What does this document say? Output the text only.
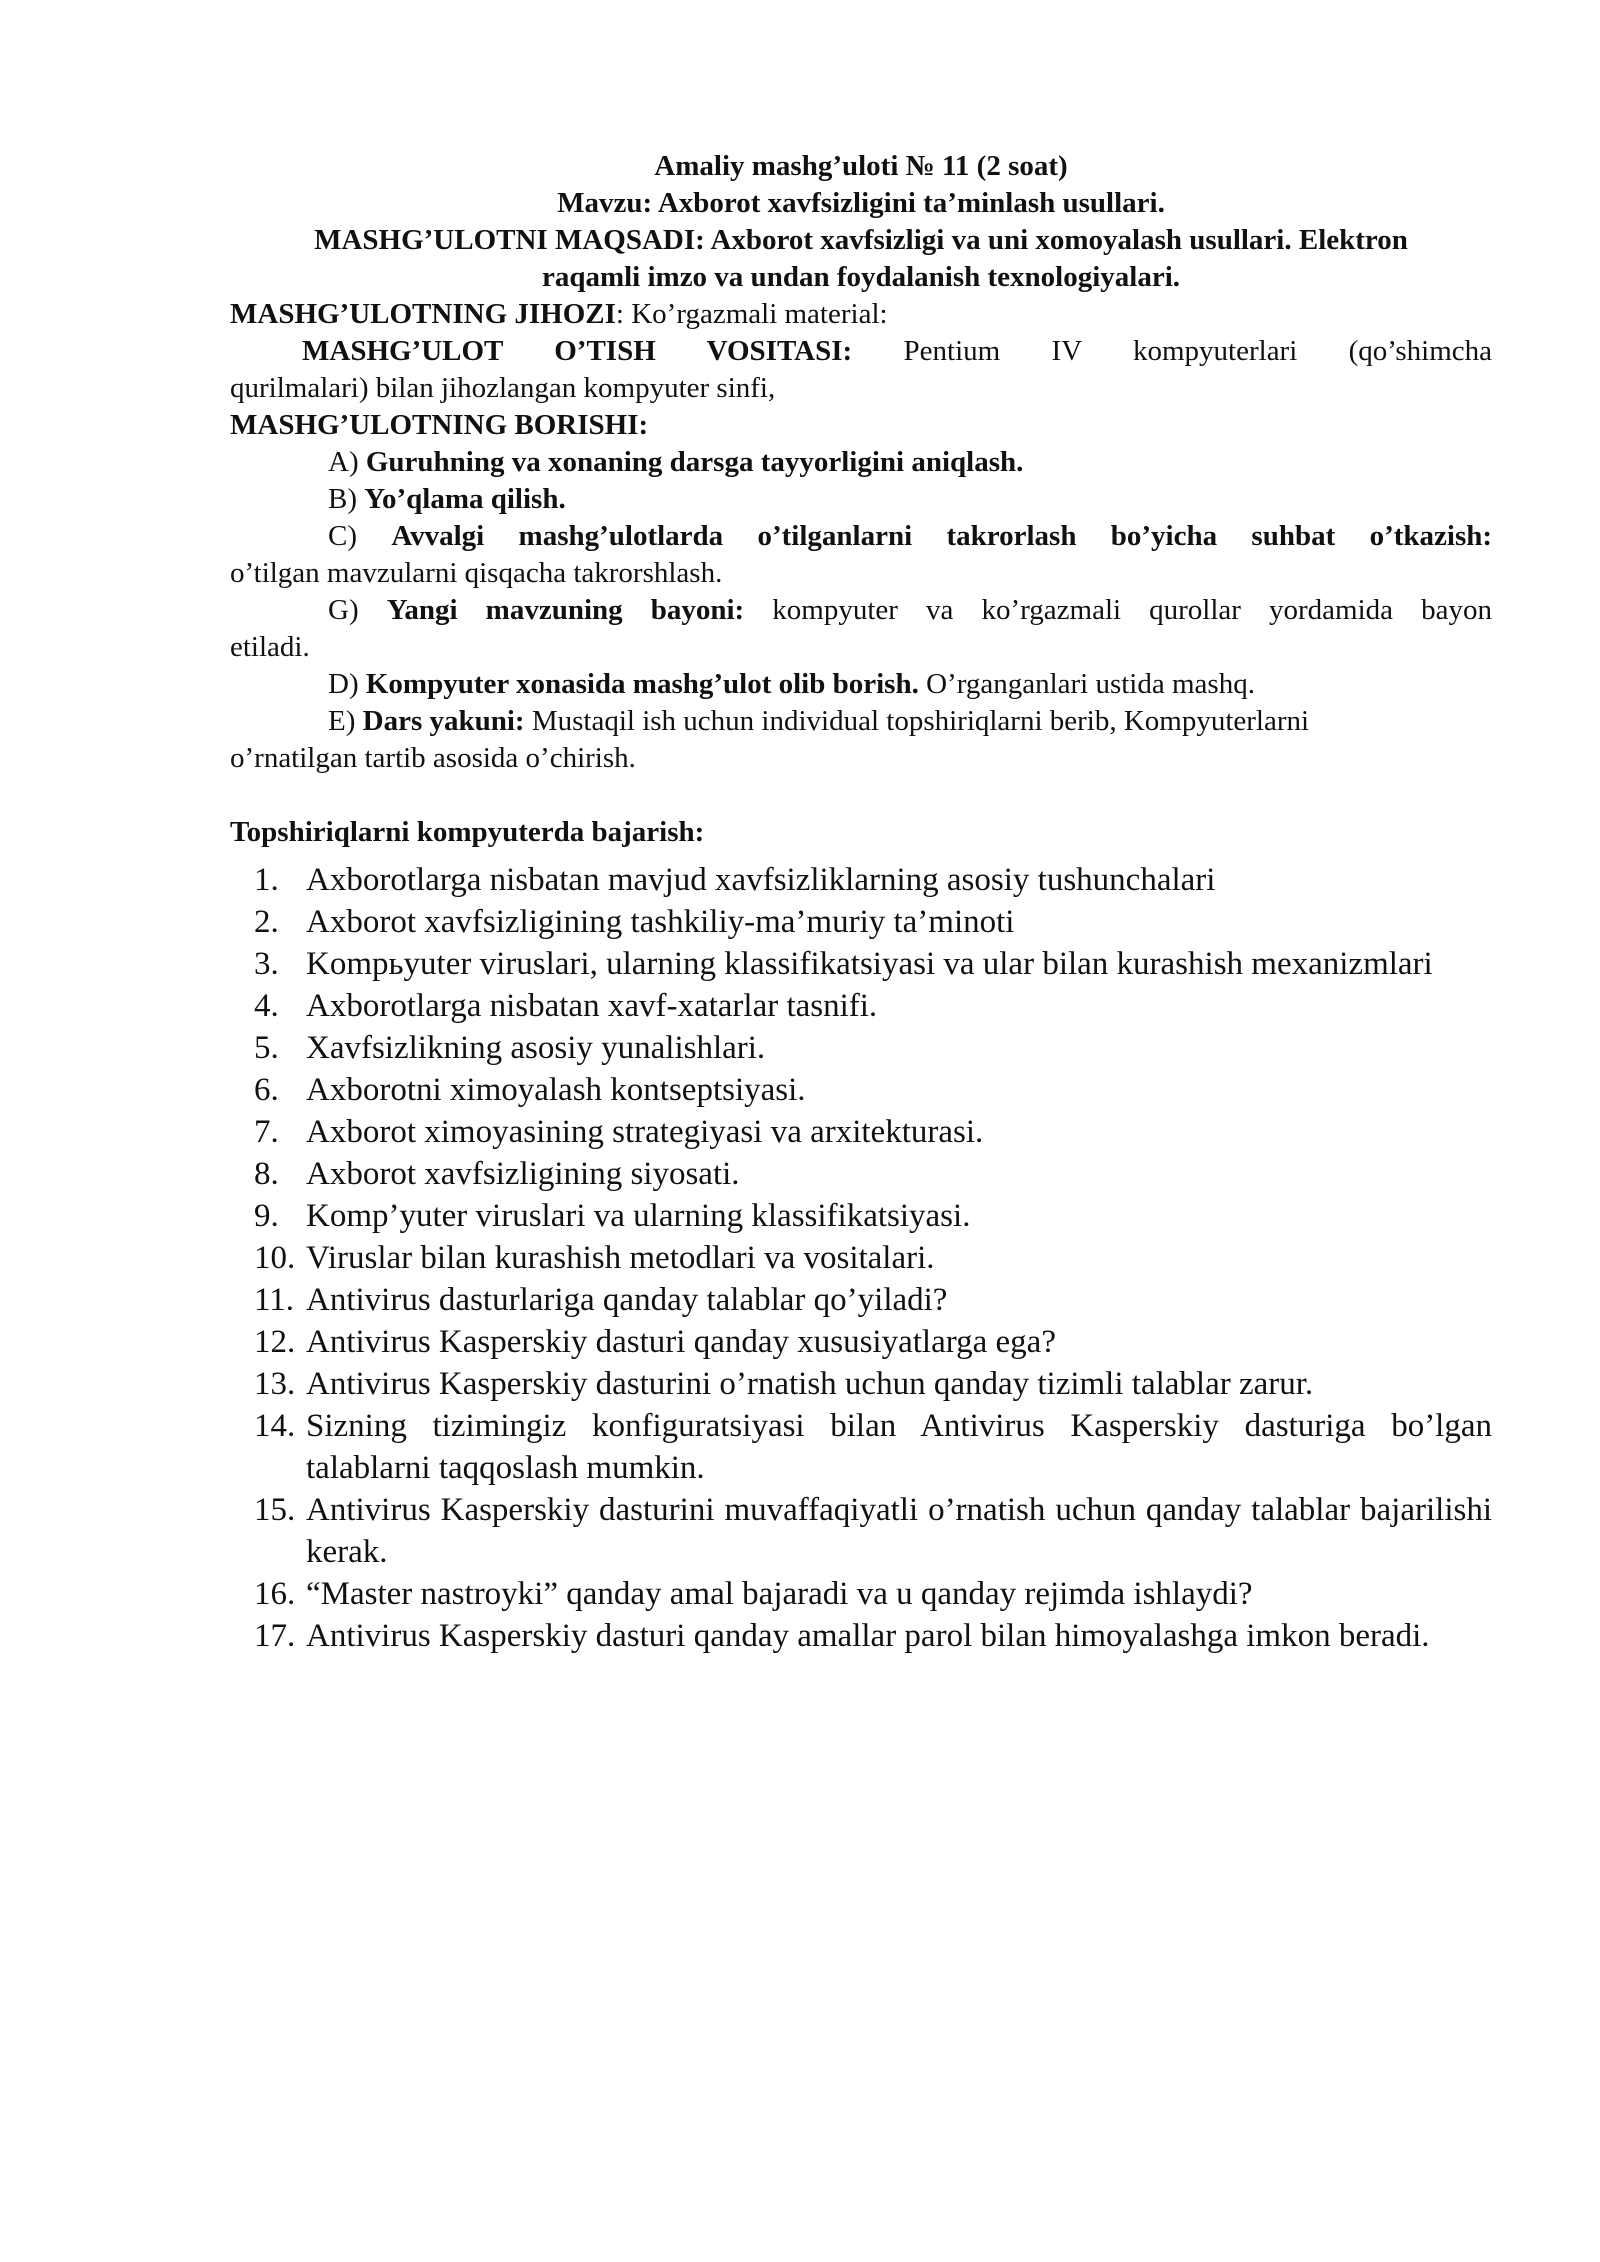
Amaliy mashg’uloti № 11 (2 soat)
Mavzu: Axborot xavfsizligini ta’minlash usullari.
MASHG’ULOTNI MAQSADI: Axborot xavfsizligi va uni xomoyalash usullari. Elektron
raqamli imzo va undan foydalanish texnologiyalari.
MASHG’ULOTNING JIHOZI: Ko’rgazmali material:
MASHG’ULOT O’TISH VOSITASI: Pentium IV kompyuterlari (qo’shimcha
qurilmalari) bilan jihozlangan kompyuter sinfi,
MASHG’ULOTNING BORISHI:
A) Guruhning va xonaning darsga tayyorligini aniqlash.
B) Yo’qlama qilish.
C) Avvalgi mashg’ulotlarda o’tilganlarni takrorlash bo’yicha suhbat o’tkazish:
o’tilgan mavzularni qisqacha takrorshlash.
G) Yangi mavzuning bayoni: kompyuter va ko’rgazmali qurollar yordamida bayon
etiladi.
D) Kompyuter xonasida mashg’ulot olib borish. O’rganganlari ustida mashq.
E) Dars yakuni: Mustaqil ish uchun individual topshiriqlarni berib, Kompyuterlarni
o’rnatilgan tartib asosida o’chirish.
Topshiriqlarni kompyuterda bajarish:
1. Axborotlarga nisbatan mavjud xavfsizliklarning asosiy tushunchalari
2. Axborot xavfsizligining tashkiliy-ma’muriy ta’minoti
3. Kompьyuter viruslari, ularning klassifikatsiyasi va ular bilan kurashish mexanizmlari
4. Axborotlarga nisbatan xavf-xatarlar tasnifi.
5. Xavfsizlikning asosiy yunalishlari.
6. Axborotni ximoyalash kontseptsiyasi.
7. Axborot ximoyasining strategiyasi va arxitekturasi.
8. Axborot xavfsizligining siyosati.
9. Komp’yuter viruslari va ularning klassifikatsiyasi.
10. Viruslar bilan kurashish metodlari va vositalari.
11. Antivirus dasturlariga qanday talablar qo’yiladi?
12. Antivirus Kasperskiy dasturi qanday xususiyatlarga ega?
13. Antivirus Kasperskiy dasturini o’rnatish uchun qanday tizimli talablar zarur.
14. Sizning tizimingiz konfiguratsiyasi bilan Antivirus Kasperskiy dasturiga bo’lgan talablarni taqqoslash mumkin.
15. Antivirus Kasperskiy dasturini muvaffaqiyatli o’rnatish uchun qanday talablar bajarilishi kerak.
16. “Master nastroyki” qanday amal bajaradi va u qanday rejimda ishlaydi?
17. Antivirus Kasperskiy dasturi qanday amallar parol bilan himoyalashga imkon beradi.
